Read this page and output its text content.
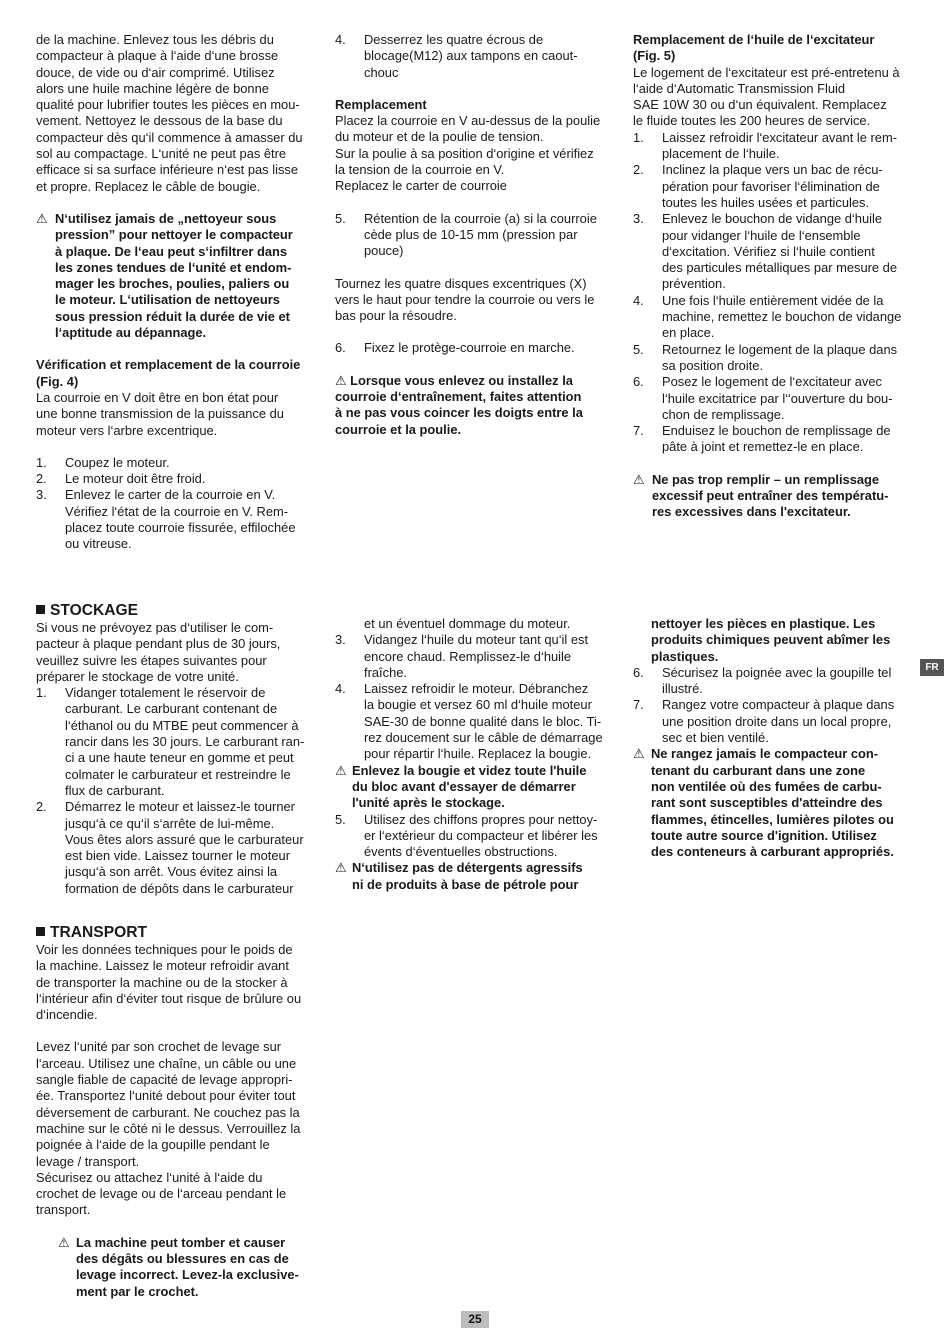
de la machine. Enlevez tous les débris du
compacteur à plaque à l‘aide d‘une brosse
douce, de vide ou d‘air comprimé. Utilisez
alors une huile machine légère de bonne
qualité pour lubrifier toutes les pièces en mou-
vement. Nettoyez le dessous de la base du
compacteur dès qu‘il commence à amasser du
sol au compactage. L‘unité ne peut pas être
efficace si sa surface inférieure n‘est pas lisse
et propre. Replacez le câble de bougie.
⚠ N‘utilisez jamais de „nettoyeur sous
pression” pour nettoyer le compacteur
à plaque. De l‘eau peut s‘infiltrer dans
les zones tendues de l‘unité et endom-
mager les broches, poulies, paliers ou
le moteur. L‘utilisation de nettoyeurs
sous pression réduit la durée de vie et
l‘aptitude au dépannage.
Vérification et remplacement de la courroie
(Fig. 4)
La courroie en V doit être en bon état pour
une bonne transmission de la puissance du
moteur vers l‘arbre excentrique.
1.	Coupez le moteur.
2.	Le moteur doit être froid.
3.	Enlevez le carter de la courroie en V.
Vérifiez l‘état de la courroie en V. Rem-
placez toute courroie fissurée, effilochée
ou vitreuse.
4.	Desserrez les quatre écrous de
blocage(M12) aux tampons en caout-
chouc
Remplacement
Placez la courroie en V au-dessus de la poulie
du moteur et de la poulie de tension.
Sur la poulie à sa position d‘origine et vérifiez
la tension de la courroie en V.
Replacez le carter de courroie
5.	Rétention de la courroie (a) si la courroie
cède plus de 10-15 mm (pression par
pouce)
Tournez les quatre disques excentriques (X)
vers le haut pour tendre la courroie ou vers le
bas pour la résoudre.
6.	Fixez le protège-courroie en marche.
⚠ Lorsque vous enlevez ou installez la
courroie d‘entraînement, faites attention
à ne pas vous coincer les doigts entre la
courroie et la poulie.
Remplacement de l‘huile de l‘excitateur
(Fig. 5)
Le logement de l‘excitateur est pré-entretenu à
l‘aide d‘Automatic Transmission Fluid
SAE 10W 30 ou d‘un équivalent. Remplacez
le fluide toutes les 200 heures de service.
1.	Laissez refroidir l‘excitateur avant le rem-
placement de l‘huile.
2.	Inclinez la plaque vers un bac de récu-
pération pour favoriser l‘élimination de
toutes les huiles usées et particules.
3.	Enlevez le bouchon de vidange d‘huile
pour vidanger l‘huile de l‘ensemble
d‘excitation. Vérifiez si l‘huile contient
des particules métalliques par mesure de
prévention.
4.	Une fois l‘huile entièrement vidée de la
machine, remettez le bouchon de vidange
en place.
5.	Retournez le logement de la plaque dans
sa position droite.
6.	Posez le logement de l‘excitateur avec
l‘huile excitatrice par l‘‘ouverture du bou-
chon de remplissage.
7.	Enduisez le bouchon de remplissage de
pâte à joint et remettez-le en place.
⚠ Ne pas trop remplir – un remplissage
excessif peut entraîner des températu-
res excessives dans l'excitateur.
STOCKAGE
Si vous ne prévoyez pas d‘utiliser le com-
pacteur à plaque pendant plus de 30 jours,
veuillez suivre les étapes suivantes pour
préparer le stockage de votre unité.
1.	Vidanger totalement le réservoir de
carburant. Le carburant contenant de
l‘éthanol ou du MTBE peut commencer à
rancir dans les 30 jours. Le carburant ran-
ci a une haute teneur en gomme et peut
colmater le carburateur et restreindre le
flux de carburant.
2.	Démarrez le moteur et laissez-le tourner
jusqu‘à ce qu‘il s‘arrête de lui-même.
Vous êtes alors assuré que le carburateur
est bien vide. Laissez tourner le moteur
jusqu‘à son arrêt. Vous évitez ainsi la
formation de dépôts dans le carburateur
et un éventuel dommage du moteur.
3.	Vidangez l‘huile du moteur tant qu‘il est
encore chaud. Remplissez-le d‘huile
fraîche.
4.	Laissez refroidir le moteur. Débranchez
la bougie et versez 60 ml d‘huile moteur
SAE-30 de bonne qualité dans le bloc. Ti-
rez doucement sur le câble de démarrage
pour répartir l‘huile. Replacez la bougie.
⚠ Enlevez la bougie et videz toute l'huile
du bloc avant d'essayer de démarrer
l'unité après le stockage.
5.	Utilisez des chiffons propres pour nettoy-
er l‘extérieur du compacteur et libérer les
évents d‘éventuelles obstructions.
⚠ N‘utilisez pas de détergents agressifs
ni de produits à base de pétrole pour
nettoyer les pièces en plastique. Les
produits chimiques peuvent abîmer les
plastiques.
6.	Sécurisez la poignée avec la goupille tel
illustré.
7.	Rangez votre compacteur à plaque dans
une position droite dans un local propre,
sec et bien ventilé.
⚠ Ne rangez jamais le compacteur con-
tenant du carburant dans une zone
non ventilée où des fumées de carbu-
rant sont susceptibles d'atteindre des
flammes, étincelles, lumières pilotes ou
toute autre source d'ignition. Utilisez
des conteneurs à carburant appropriés.
TRANSPORT
Voir les données techniques pour le poids de
la machine. Laissez le moteur refroidir avant
de transporter la machine ou de la stocker à
l‘intérieur afin d‘éviter tout risque de brûlure ou
d‘incendie.
Levez l‘unité par son crochet de levage sur
l‘arceau. Utilisez une chaîne, un câble ou une
sangle fiable de capacité de levage appropri-
ée. Transportez l‘unité debout pour éviter tout
déversement de carburant. Ne couchez pas la
machine sur le côté ni le dessus. Verrouillez la
poignée à l‘aide de la goupille pendant le
levage / transport.
Sécurisez ou attachez l‘unité à l‘aide du
crochet de levage ou de l‘arceau pendant le
transport.
⚠ La machine peut tomber et causer
des dégâts ou blessures en cas de
levage incorrect. Levez-la exclusive-
ment par le crochet.
FR
25
